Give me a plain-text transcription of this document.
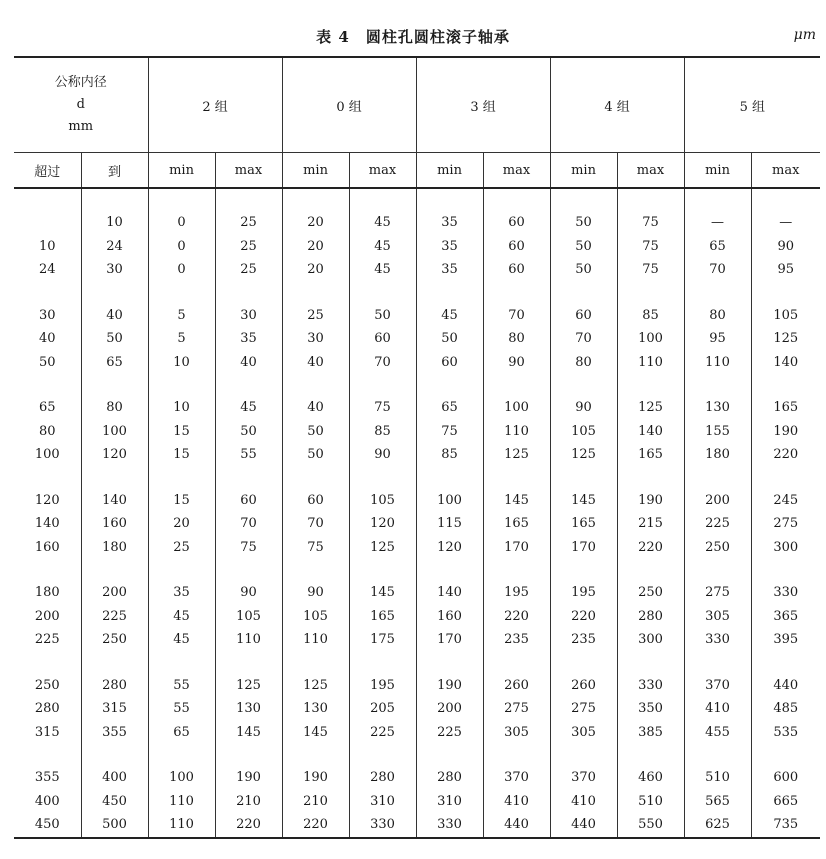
表 4　圆柱孔圆柱滚子轴承	μm
公称内径
d
mm		2 组		0 组		3 组		4 组		5 组	
超过	到	min	max	min	max	min	max	min	max	min	max

	10	0	25	20	45	35	60	50	75	—	—
10	24	0	25	20	45	35	60	50	75	65	90
24	30	0	25	20	45	35	60	50	75	70	95

30	40	5	30	25	50	45	70	60	85	80	105
40	50	5	35	30	60	50	80	70	100	95	125
50	65	10	40	40	70	60	90	80	110	110	140

65	80	10	45	40	75	65	100	90	125	130	165
80	100	15	50	50	85	75	110	105	140	155	190
100	120	15	55	50	90	85	125	125	165	180	220

120	140	15	60	60	105	100	145	145	190	200	245
140	160	20	70	70	120	115	165	165	215	225	275
160	180	25	75	75	125	120	170	170	220	250	300

180	200	35	90	90	145	140	195	195	250	275	330
200	225	45	105	105	165	160	220	220	280	305	365
225	250	45	110	110	175	170	235	235	300	330	395

250	280	55	125	125	195	190	260	260	330	370	440
280	315	55	130	130	205	200	275	275	350	410	485
315	355	65	145	145	225	225	305	305	385	455	535

355	400	100	190	190	280	280	370	370	460	510	600
400	450	110	210	210	310	310	410	410	510	565	665
450	500	110	220	220	330	330	440	440	550	625	735
